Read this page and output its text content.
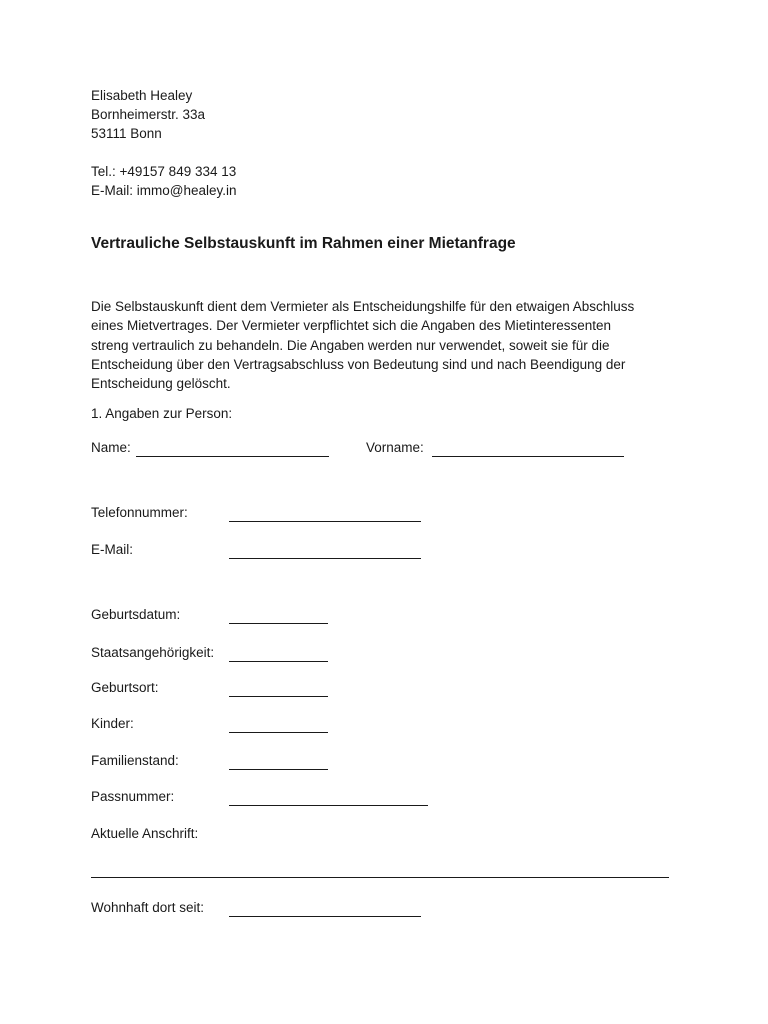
Elisabeth Healey
Bornheimerstr. 33a
53111 Bonn
Tel.: +49157 849 334 13
E-Mail: immo@healey.in
Vertrauliche Selbstauskunft im Rahmen einer Mietanfrage
Die Selbstauskunft dient dem Vermieter als Entscheidungshilfe für den etwaigen Abschluss
eines Mietvertrages. Der Vermieter verpflichtet sich die Angaben des Mietinteressenten
streng vertraulich zu behandeln. Die Angaben werden nur verwendet, soweit sie für die
Entscheidung über den Vertragsabschluss von Bedeutung sind und nach Beendigung der
Entscheidung gelöscht.
1. Angaben zur Person:
Name:	Vorname:
Telefonnummer:
E-Mail:
Geburtsdatum:
Staatsangehörigkeit:
Geburtsort:
Kinder:
Familienstand:
Passnummer:
Aktuelle Anschrift:
Wohnhaft dort seit:
